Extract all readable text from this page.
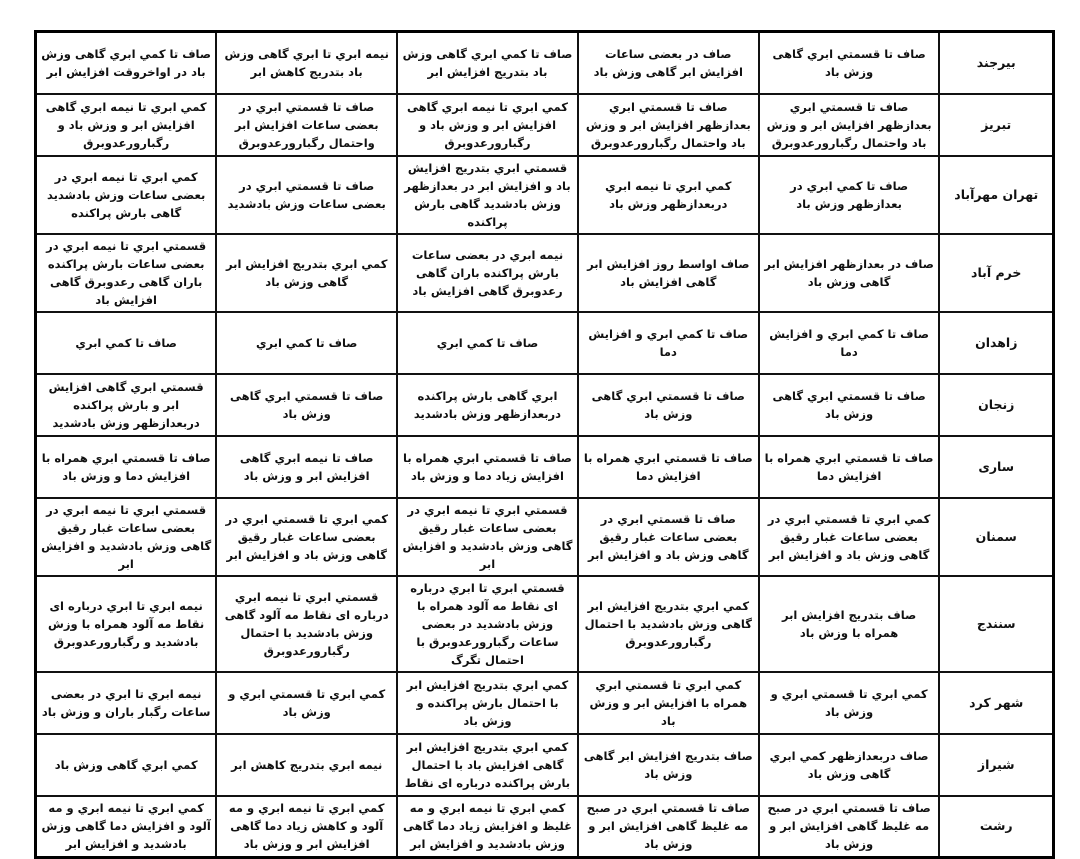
بیرجند	صاف تا قسمتي ابري گاهی وزش باد	صاف در بعضی ساعات افزایش ابر گاهی وزش باد	صاف تا کمي ابري گاهی وزش باد بتدریج افزایش ابر	نیمه ابري تا ابري گاهی وزش باد بتدریج کاهش ابر	صاف تا کمي ابري گاهی وزش باد در اواخروقت افزایش ابر
تبریز	صاف تا قسمتي ابري بعدازظهر افزایش ابر و وزش باد واحتمال رگبارورعدوبرق	صاف تا قسمتي ابري بعدازظهر افزایش ابر و وزش باد واحتمال رگبارورعدوبرق	کمي ابري تا نیمه ابري گاهی افزایش ابر و وزش باد و رگبارورعدوبرق	صاف تا قسمتي ابري در بعضی ساعات افزایش ابر واحتمال رگبارورعدوبرق	کمي ابري تا نیمه ابري گاهی افزایش ابر و وزش باد و رگبارورعدوبرق
تهران مهرآباد	صاف تا کمي ابري در بعدازظهر وزش باد	کمي ابري تا نیمه ابري دربعدازظهر وزش باد	قسمتي ابري بتدریج افزایش باد و افزایش ابر در بعدازظهر وزش بادشدید گاهی بارش پراکنده	صاف تا قسمتي ابري در بعضی ساعات وزش بادشدید	کمي ابري تا نیمه ابري در بعضی ساعات وزش بادشدید گاهی بارش پراکنده
خرم آباد	صاف در بعدازظهر افزایش ابر گاهی وزش باد	صاف اواسط روز افزایش ابر گاهی افزایش باد	نیمه ابري در بعضی ساعات بارش پراکنده باران گاهی رعدوبرق گاهی افزایش باد	کمي ابري بتدریج افزایش ابر گاهی وزش باد	قسمتي ابري تا نیمه ابري در بعضی ساعات بارش پراکنده باران گاهی رعدوبرق گاهی افزایش باد
زاهدان	صاف تا کمي ابري و افزایش دما	صاف تا کمي ابري و افزایش دما	صاف تا کمي ابري	صاف تا کمي ابري	صاف تا کمي ابري
زنجان	صاف تا قسمتي ابري گاهی وزش باد	صاف تا قسمتي ابري گاهی وزش باد	ابري گاهی بارش پراکنده دربعدازظهر وزش بادشدید	صاف تا قسمتي ابري گاهی وزش باد	قسمتي ابري گاهی افزایش ابر و بارش پراکنده دربعدازظهر وزش بادشدید
ساری	صاف تا قسمتي ابري همراه با افزایش دما	صاف تا قسمتي ابري همراه با افزایش دما	صاف تا قسمتي ابري همراه با افزایش زیاد دما و وزش باد	صاف تا نیمه ابري گاهی افزایش ابر و وزش باد	صاف تا قسمتي ابري همراه با افزایش دما و وزش باد
سمنان	کمي ابري تا قسمتي ابري در بعضی ساعات غبار رقیق گاهی وزش باد و افزایش ابر	صاف تا قسمتي ابري در بعضی ساعات غبار رقیق گاهی وزش باد و افزایش ابر	قسمتي ابري تا نیمه ابري در بعضی ساعات غبار رقیق گاهی وزش بادشدید و افزایش ابر	کمي ابري تا قسمتي ابري در بعضی ساعات غبار رقیق گاهی وزش باد و افزایش ابر	قسمتي ابري تا نیمه ابري در بعضی ساعات غبار رقیق گاهی وزش بادشدید و افزایش ابر
سنندج	صاف بتدریج افزایش ابر همراه با وزش باد	کمي ابري بتدریج افزایش ابر گاهی وزش بادشدید با احتمال رگبارورعدوبرق	قسمتي ابري تا ابري درباره ای نقاط مه آلود همراه با وزش بادشدید در بعضی ساعات رگبارورعدوبرق با احتمال تگرگ	قسمتي ابري تا نیمه ابري درباره ای نقاط مه آلود گاهی وزش بادشدید با احتمال رگبارورعدوبرق	نیمه ابري تا ابري درباره ای نقاط مه آلود همراه با وزش بادشدید و رگبارورعدوبرق
شهر کرد	کمي ابري تا قسمتي ابري و وزش باد	کمي ابري تا قسمتي ابري همراه با افزایش ابر و وزش باد	کمي ابري بتدریج افزایش ابر با احتمال بارش پراکنده و وزش باد	کمي ابري تا قسمتي ابري و وزش باد	نیمه ابري تا ابري در بعضی ساعات رگبار باران و وزش باد
شیراز	صاف دربعدازظهر کمي ابري گاهی وزش باد	صاف بتدریج افزایش ابر گاهی وزش باد	کمي ابري بتدریج افزایش ابر گاهی افزایش باد با احتمال بارش پراکنده درباره ای نقاط	نیمه ابري بتدریج کاهش ابر	کمي ابري گاهی وزش باد
رشت	صاف تا قسمتي ابري در صبح مه غلیظ گاهی افزایش ابر و وزش باد	صاف تا قسمتي ابري در صبح مه غلیظ گاهی افزایش ابر و وزش باد	کمي ابري تا نیمه ابري و مه غلیظ و افزایش زیاد دما گاهی وزش بادشدید و افزایش ابر	کمي ابري تا نیمه ابري و مه آلود و کاهش زیاد دما گاهی افزایش ابر و وزش باد	کمي ابري تا نیمه ابري و مه آلود و افزایش دما گاهی وزش بادشدید و افزایش ابر
